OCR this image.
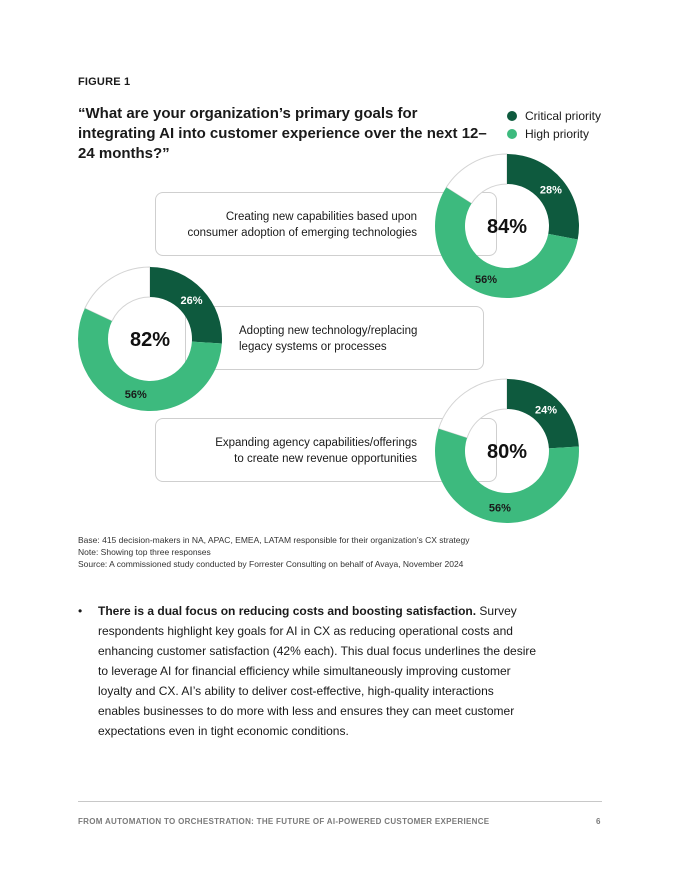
FIGURE 1
“What are your organization’s primary goals for integrating AI into customer experience over the next 12–24 months?”
Critical priority
High priority
Creating new capabilities based upon
consumer adoption of emerging technologies
28%
56%
84%
Adopting new technology/replacing
legacy systems or processes
26%
56%
82%
Expanding agency capabilities/offerings
to create new revenue opportunities
24%
56%
80%
Base: 415 decision-makers in NA, APAC, EMEA, LATAM responsible for their organization’s CX strategy
Note: Showing top three responses
Source: A commissioned study conducted by Forrester Consulting on behalf of Avaya, November 2024
• There is a dual focus on reducing costs and boosting satisfaction. Survey respondents highlight key goals for AI in CX as reducing operational costs and enhancing customer satisfaction (42% each). This dual focus underlines the desire to leverage AI for financial efficiency while simultaneously improving customer loyalty and CX. AI’s ability to deliver cost-effective, high-quality interactions enables businesses to do more with less and ensures they can meet customer expectations even in tight economic conditions.
FROM AUTOMATION TO ORCHESTRATION: THE FUTURE OF AI-POWERED CUSTOMER EXPERIENCE	6
